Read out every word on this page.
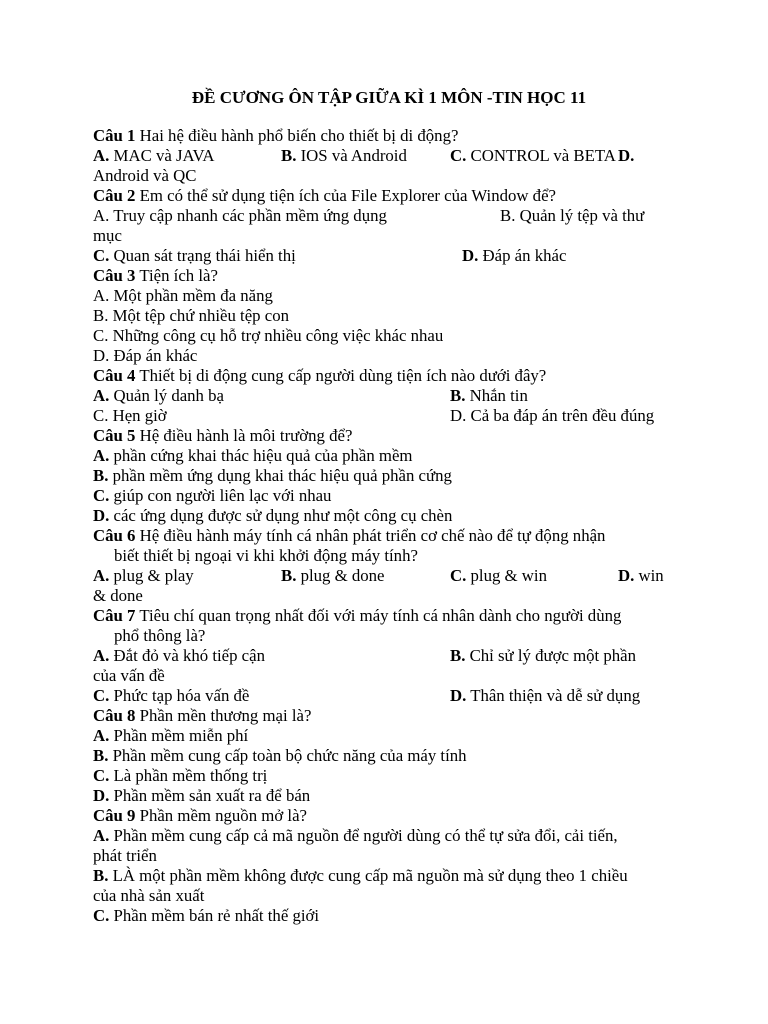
ĐỀ CƯƠNG ÔN TẬP GIỮA KÌ 1 MÔN -TIN HỌC 11
Câu 1 Hai hệ điều hành phổ biến cho thiết bị di động?
A. MAC và JAVA	B. IOS và Android	C. CONTROL và BETA D.
Android và QC
Câu 2 Em có thể sử dụng tiện ích của File Explorer của Window để?
A. Truy cập nhanh các phần mềm ứng dụng	B. Quản lý tệp và thư
mục
C. Quan sát trạng thái hiển thị	D. Đáp án khác
Câu 3 Tiện ích là?
A. Một phần mềm đa năng
B. Một tệp chứ nhiều tệp con
C. Những công cụ hỗ trợ nhiều công việc khác nhau
D. Đáp án khác
Câu 4 Thiết bị di động cung cấp người dùng tiện ích nào dưới đây?
A. Quản lý danh bạ	B. Nhắn tin
C. Hẹn giờ	D. Cả ba đáp án trên đều đúng
Câu 5 Hệ điều hành là môi trường để?
A. phần cứng khai thác hiệu quả của phần mềm
B. phần mềm ứng dụng khai thác hiệu quả phần cứng
C. giúp con người liên lạc với nhau
D. các ứng dụng được sử dụng như một công cụ chèn
Câu 6 Hệ điều hành máy tính cá nhân phát triển cơ chế nào để tự động nhận
biết thiết bị ngoại vi khi khởi động máy tính?
A. plug & play	B. plug & done	C. plug & win	D. win
& done
Câu 7 Tiêu chí quan trọng nhất đối với máy tính cá nhân dành cho người dùng
phổ thông là?
A. Đắt đỏ và khó tiếp cận	B. Chỉ sử lý được một phần
của vấn đề
C. Phức tạp hóa vấn đề	D. Thân thiện và dễ sử dụng
Câu 8 Phần mền thương mại là?
A. Phần mềm miễn phí
B. Phần mềm cung cấp toàn bộ chức năng của máy tính
C. Là phần mềm thống trị
D. Phần mềm sản xuất ra để bán
Câu 9 Phần mềm nguồn mở là?
A. Phần mềm cung cấp cả mã nguồn để người dùng có thể tự sửa đổi, cải tiến,
phát triển
B. LÀ một phần mềm không được cung cấp mã nguồn mà sử dụng theo 1 chiều
của nhà sản xuất
C. Phần mềm bán rẻ nhất thế giới
